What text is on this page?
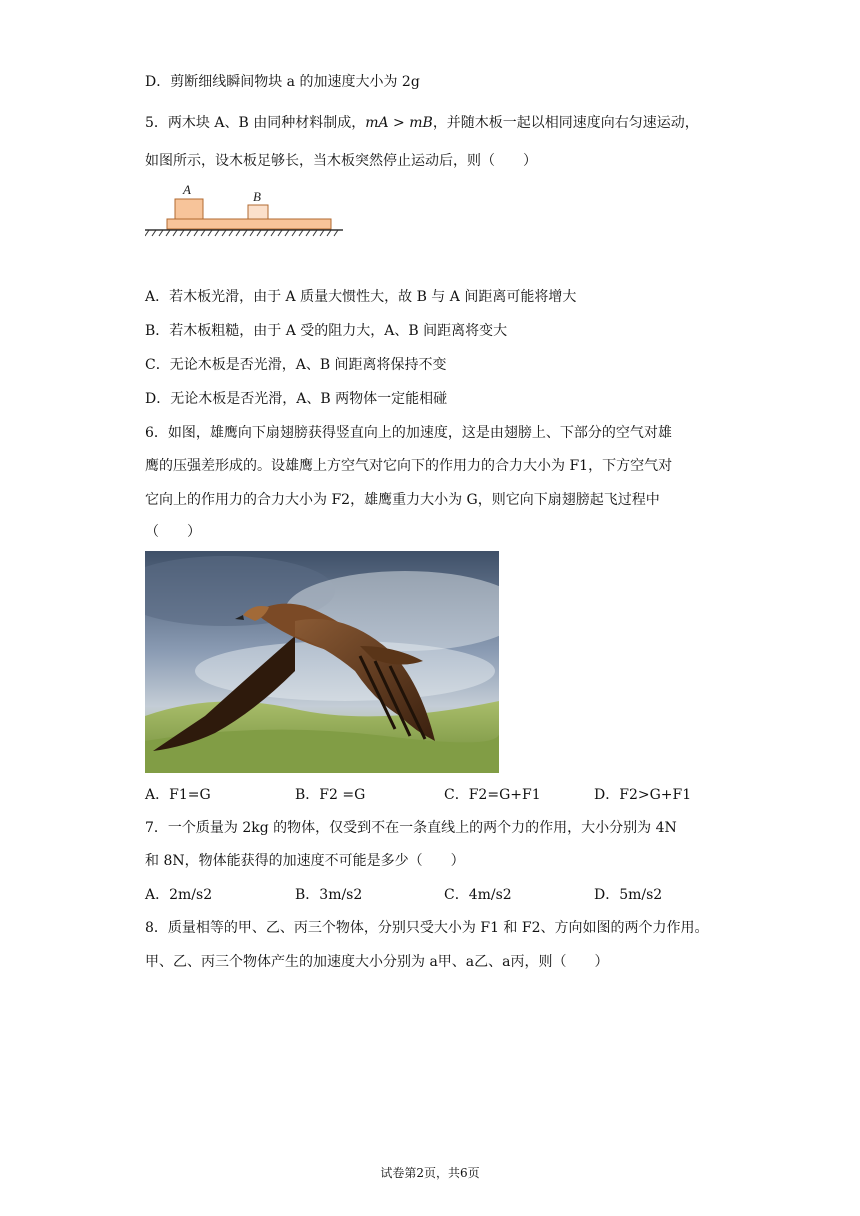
D．剪断细线瞬间物块 a 的加速度大小为 2g
5．两木块 A、B 由同种材料制成，mA > mB，并随木板一起以相同速度向右匀速运动，
如图所示，设木板足够长，当木板突然停止运动后，则（　　）
A	B
A．若木板光滑，由于 A 质量大惯性大，故 B 与 A 间距离可能将增大
B．若木板粗糙，由于 A 受的阻力大，A、B 间距离将变大
C．无论木板是否光滑，A、B 间距离将保持不变
D．无论木板是否光滑，A、B 两物体一定能相碰
6．如图，雄鹰向下扇翅膀获得竖直向上的加速度，这是由翅膀上、下部分的空气对雄
鹰的压强差形成的。设雄鹰上方空气对它向下的作用力的合力大小为 F1，下方空气对
它向上的作用力的合力大小为 F2，雄鹰重力大小为 G，则它向下扇翅膀起飞过程中
（　　）
A．F1=G	B．F2 =G	C．F2=G+F1	D．F2>G+F1
7．一个质量为 2kg 的物体，仅受到不在一条直线上的两个力的作用，大小分别为 4N
和 8N，物体能获得的加速度不可能是多少（　　）
A．2m/s2	B．3m/s2	C．4m/s2	D．5m/s2
8．质量相等的甲、乙、丙三个物体，分别只受大小为 F1 和 F2、方向如图的两个力作用。
甲、乙、丙三个物体产生的加速度大小分别为 a甲、a乙、a丙，则（　　）
试卷第2页，共6页
